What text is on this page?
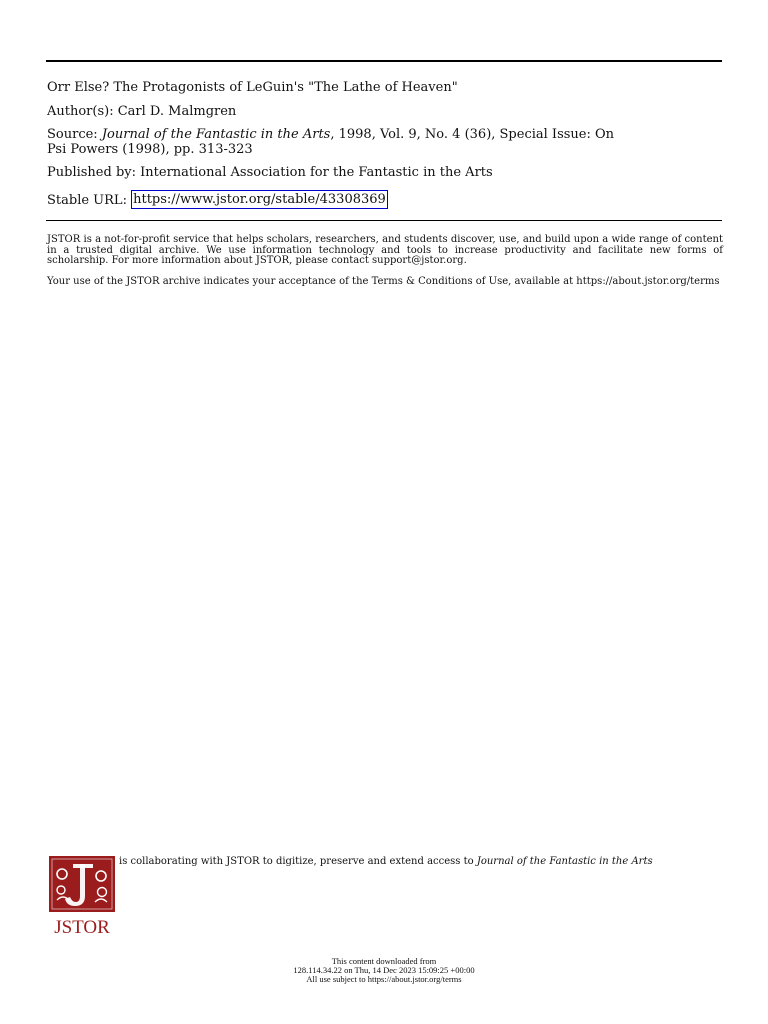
Orr Else? The Protagonists of LeGuin's "The Lathe of Heaven"
Author(s): Carl D. Malmgren
Source: Journal of the Fantastic in the Arts, 1998, Vol. 9, No. 4 (36), Special Issue: On
Psi Powers (1998), pp. 313-323
Published by: International Association for the Fantastic in the Arts
Stable URL: https://www.jstor.org/stable/43308369
JSTOR is a not-for-profit service that helps scholars, researchers, and students discover, use, and build upon a wide range of content in a trusted digital archive. We use information technology and tools to increase productivity and facilitate new forms of scholarship. For more information about JSTOR, please contact support@jstor.org.
Your use of the JSTOR archive indicates your acceptance of the Terms & Conditions of Use, available at https://about.jstor.org/terms
JSTOR
is collaborating with JSTOR to digitize, preserve and extend access to Journal of the Fantastic in the Arts
This content downloaded from
128.114.34.22 on Thu, 14 Dec 2023 15:09:25 +00:00
All use subject to https://about.jstor.org/terms
